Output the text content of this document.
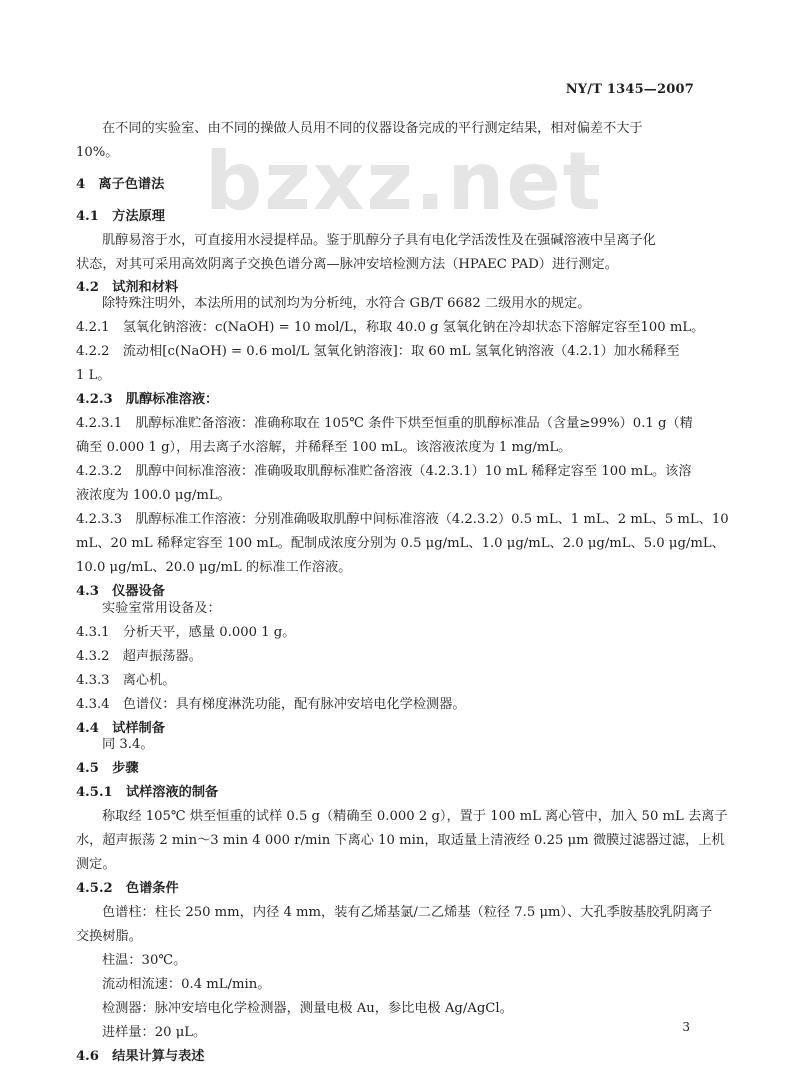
NY/T 1345—2007
bzxz.net
在不同的实验室、由不同的操做人员用不同的仪器设备完成的平行测定结果，相对偏差不大于
10%。
4　离子色谱法
4.1　方法原理
肌醇易溶于水，可直接用水浸提样品。鉴于肌醇分子具有电化学活泼性及在强碱溶液中呈离子化
状态，对其可采用高效阴离子交换色谱分离—脉冲安培检测方法（HPAEC PAD）进行测定。
4.2　试剂和材料
除特殊注明外，本法所用的试剂均为分析纯，水符合 GB/T 6682 二级用水的规定。
4.2.1　氢氧化钠溶液：c(NaOH) = 10 mol/L，称取 40.0 g 氢氧化钠在冷却状态下溶解定容至100 mL。
4.2.2　流动相[c(NaOH) = 0.6 mol/L 氢氧化钠溶液]：取 60 mL 氢氧化钠溶液（4.2.1）加水稀释至
1 L。
4.2.3　肌醇标准溶液：
4.2.3.1　肌醇标准贮备溶液：准确称取在 105℃ 条件下烘至恒重的肌醇标准品（含量≥99%）0.1 g（精
确至 0.000 1 g），用去离子水溶解，并稀释至 100 mL。该溶液浓度为 1 mg/mL。
4.2.3.2　肌醇中间标准溶液：准确吸取肌醇标准贮备溶液（4.2.3.1）10 mL 稀释定容至 100 mL。该溶
液浓度为 100.0 μg/mL。
4.2.3.3　肌醇标准工作溶液：分别准确吸取肌醇中间标准溶液（4.2.3.2）0.5 mL、1 mL、2 mL、5 mL、10
mL、20 mL 稀释定容至 100 mL。配制成浓度分别为 0.5 μg/mL、1.0 μg/mL、2.0 μg/mL、5.0 μg/mL、
10.0 μg/mL、20.0 μg/mL 的标准工作溶液。
4.3　仪器设备
实验室常用设备及：
4.3.1　分析天平，感量 0.000 1 g。
4.3.2　超声振荡器。
4.3.3　离心机。
4.3.4　色谱仪：具有梯度淋洗功能，配有脉冲安培电化学检测器。
4.4　试样制备
同 3.4。
4.5　步骤
4.5.1　试样溶液的制备
称取经 105℃ 烘至恒重的试样 0.5 g（精确至 0.000 2 g），置于 100 mL 离心管中，加入 50 mL 去离子
水，超声振荡 2 min～3 min 4 000 r/min 下离心 10 min，取适量上清液经 0.25 μm 微膜过滤器过滤，上机
测定。
4.5.2　色谱条件
色谱柱：柱长 250 mm，内径 4 mm，装有乙烯基氯/二乙烯基（粒径 7.5 μm）、大孔季胺基胶乳阴离子
交换树脂。
柱温：30℃。
流动相流速：0.4 mL/min。
检测器：脉冲安培电化学检测器，测量电极 Au，参比电极 Ag/AgCl。
进样量：20 μL。
4.6　结果计算与表述
3
